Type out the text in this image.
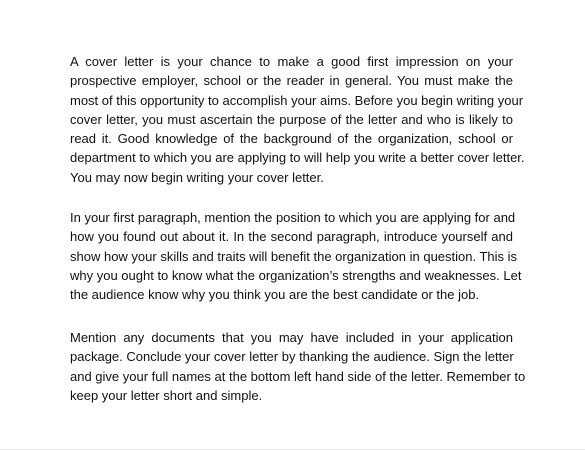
A cover letter is your chance to make a good first impression on your
prospective employer, school or the reader in general. You must make the
most of this opportunity to accomplish your aims. Before you begin writing your
cover letter, you must ascertain the purpose of the letter and who is likely to
read it. Good knowledge of the background of the organization, school or
department to which you are applying to will help you write a better cover letter.
You may now begin writing your cover letter.

In your first paragraph, mention the position to which you are applying for and
how you found out about it. In the second paragraph, introduce yourself and
show how your skills and traits will benefit the organization in question. This is
why you ought to know what the organization’s strengths and weaknesses. Let
the audience know why you think you are the best candidate or the job.

Mention any documents that you may have included in your application
package. Conclude your cover letter by thanking the audience. Sign the letter
and give your full names at the bottom left hand side of the letter. Remember to
keep your letter short and simple.
